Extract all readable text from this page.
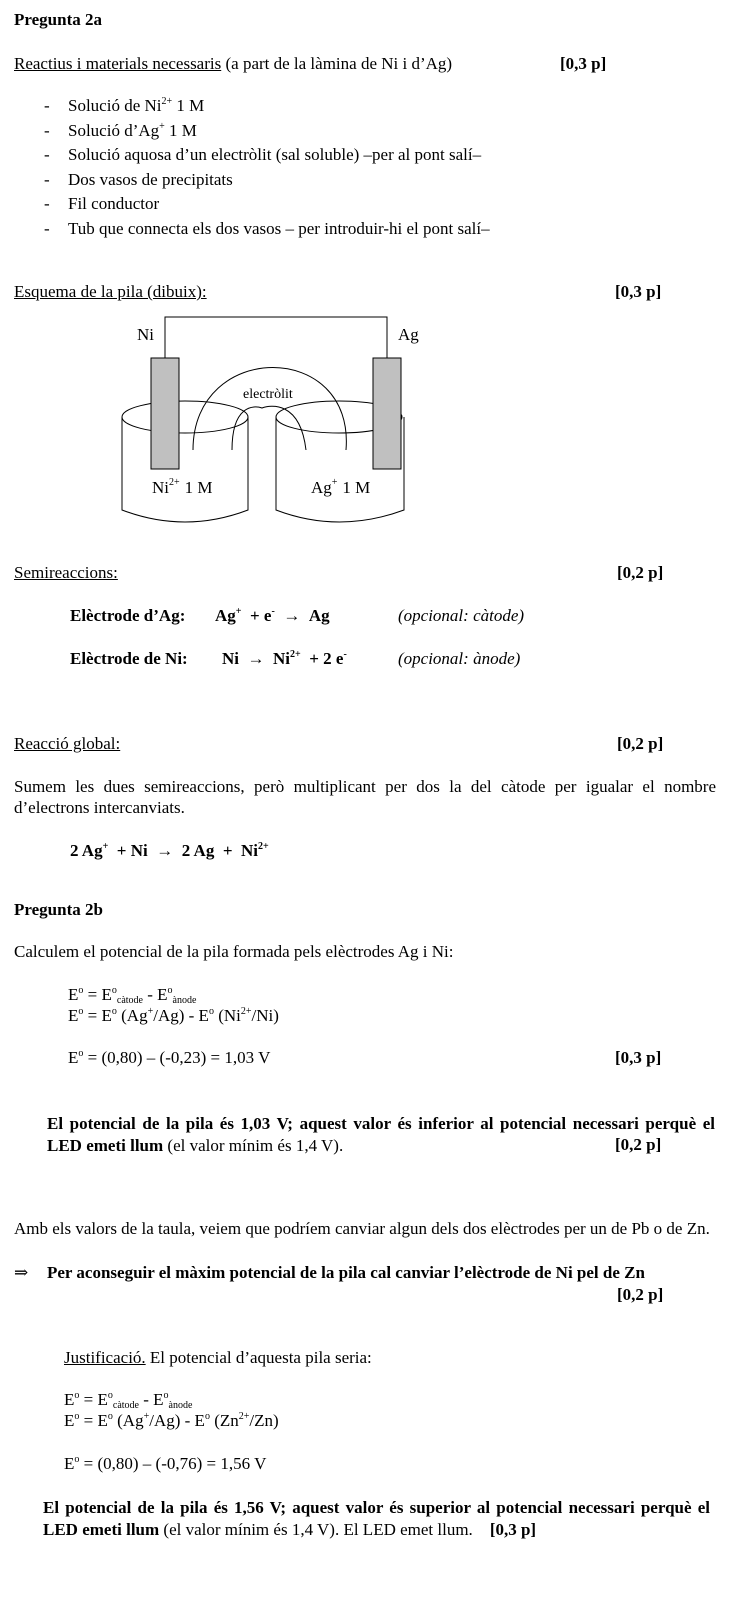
Pregunta 2a
Reactius i materials necessaris (a part de la làmina de Ni i d’Ag)	[0,3 p]
- Solució de $Ni^{2+}$ 1 M
- Solució d’Ag+ 1 M
- Solució aquosa d’un electròlit (sal soluble) –per al pont salí–
- Dos vasos de precipitats
- Fil conductor
- Tub que connecta els dos vasos – per introduir-hi el pont salí–
Esquema de la pila (dibuix):	[0,3 p]
Ni	Ag
electròlit
$Ni^{2+}$ 1 M	Ag+ 1 M
Semireaccions:	[0,2 p]
Elèctrode d’Ag: Ag+  + e-  →  Ag	(opcional: càtode)
Elèctrode de Ni: $Ni \to Ni^{2+} + 2$ e-	(opcional: ànode)
Reacció global:	[0,2 p]
Sumem les dues semireaccions, però multiplicant per dos la del càtode per igualar el nombre d’electrons intercanviats.
2 Ag+  + Ni  →  2 $Ag + Ni^{2+}$
Pregunta 2b
Calculem el potencial de la pila formada pels elèctrodes Ag i Ni:
$E^o = E^o_{càtode} - E^o_{ànode}$
$E^o = E^o$ $(Ag^+/Ag) - E^o$ $(Ni^{2+}/Ni)$
$E^o = (0,80) - (-0,23) = 1,03$ V	[0,3 p]
El potencial de la pila és 1,03 V; aquest valor és inferior al potencial necessari perquè el LED emeti llum (el valor mínim és 1,4 V).	[0,2 p]
Amb els valors de la taula, veiem que podríem canviar algun dels dos elèctrodes per un de Pb o de Zn.
⇒ Per aconseguir el màxim potencial de la pila cal canviar l’elèctrode de Ni pel de Zn
[0,2 p]
Justificació. El potencial d’aquesta pila seria:
$E^o = E^o_{càtode} - E^o_{ànode}$
$E^o = E^o$ $(Ag^+/Ag) - E^o$ $(Zn^{2+}/Zn)$
$E^o = (0,80) - (-0,76) = 1,56$ V
El potencial de la pila és 1,56 V; aquest valor és superior al potencial necessari perquè el LED emeti llum (el valor mínim és 1,4 V). El LED emet llum. [0,3 p]
